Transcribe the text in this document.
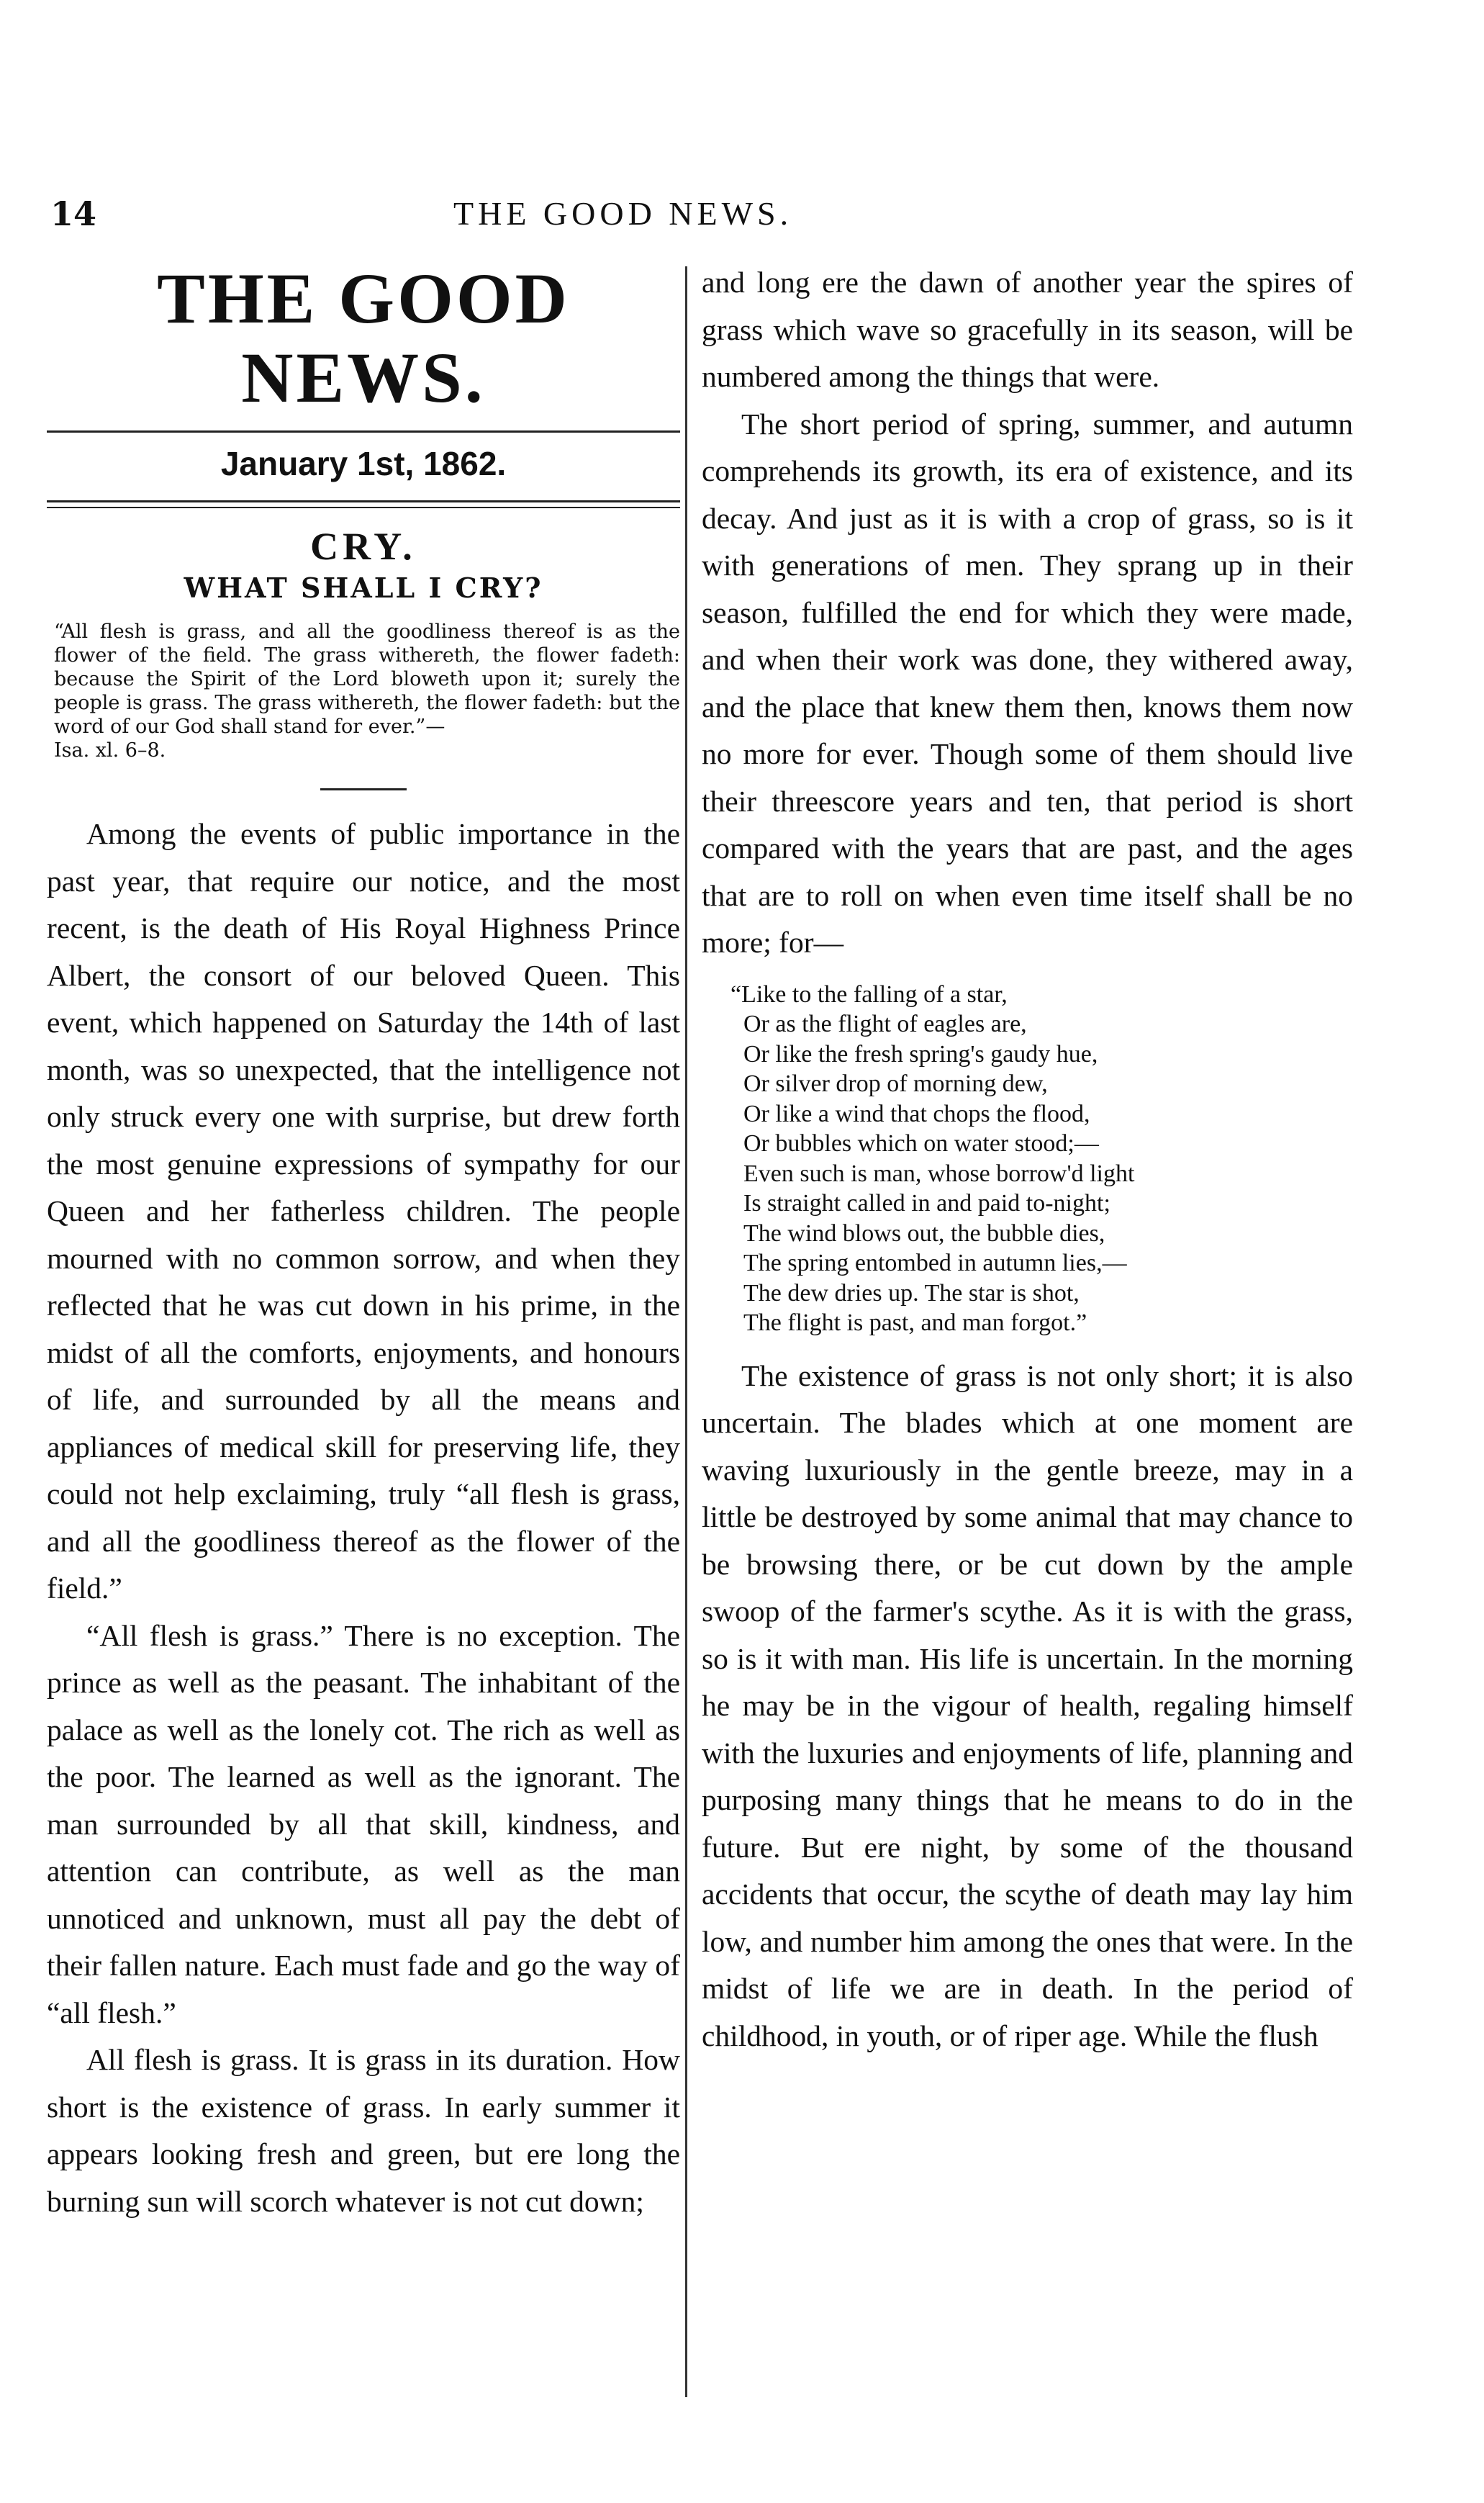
14	THE GOOD NEWS.
THE GOOD NEWS.
January 1st, 1862.
CRY.
WHAT SHALL I CRY?
“All flesh is grass, and all the goodliness thereof is as the flower of the field. The grass withereth, the flower fadeth: because the Spirit of the Lord bloweth upon it; surely the people is grass. The grass withereth, the flower fadeth: but the word of our God shall stand for ever.”—
Isa. xl. 6–8.

Among the events of public importance in the past year, that require our notice, and the most recent, is the death of His Royal Highness Prince Albert, the consort of our beloved Queen. This event, which happened on Saturday the 14th of last month, was so unexpected, that the intelligence not only struck every one with surprise, but drew forth the most genuine expressions of sympathy for our Queen and her fatherless children. The people mourned with no common sorrow, and when they reflected that he was cut down in his prime, in the midst of all the comforts, enjoyments, and honours of life, and surrounded by all the means and appliances of medical skill for preserving life, they could not help exclaiming, truly “all flesh is grass, and all the goodliness thereof as the flower of the field.”

“All flesh is grass.” There is no exception. The prince as well as the peasant. The inhabitant of the palace as well as the lonely cot. The rich as well as the poor. The learned as well as the ignorant. The man surrounded by all that skill, kindness, and attention can contribute, as well as the man unnoticed and unknown, must all pay the debt of their fallen nature. Each must fade and go the way of “all flesh.”

All flesh is grass. It is grass in its duration. How short is the existence of grass. In early summer it appears looking fresh and green, but ere long the burning sun will scorch whatever is not cut down;

and long ere the dawn of another year the spires of grass which wave so gracefully in its season, will be numbered among the things that were.

The short period of spring, summer, and autumn comprehends its growth, its era of existence, and its decay. And just as it is with a crop of grass, so is it with generations of men. They sprang up in their season, fulfilled the end for which they were made, and when their work was done, they withered away, and the place that knew them then, knows them now no more for ever. Though some of them should live their threescore years and ten, that period is short compared with the years that are past, and the ages that are to roll on when even time itself shall be no more; for—

“Like to the falling of a star,
Or as the flight of eagles are,
Or like the fresh spring's gaudy hue,
Or silver drop of morning dew,
Or like a wind that chops the flood,
Or bubbles which on water stood;—
Even such is man, whose borrow'd light
Is straight called in and paid to-night;
The wind blows out, the bubble dies,
The spring entombed in autumn lies,—
The dew dries up. The star is shot,
The flight is past, and man forgot.”

The existence of grass is not only short; it is also uncertain. The blades which at one moment are waving luxuriously in the gentle breeze, may in a little be destroyed by some animal that may chance to be browsing there, or be cut down by the ample swoop of the farmer's scythe. As it is with the grass, so is it with man. His life is uncertain. In the morning he may be in the vigour of health, regaling himself with the luxuries and enjoyments of life, planning and purposing many things that he means to do in the future. But ere night, by some of the thousand accidents that occur, the scythe of death may lay him low, and number him among the ones that were. In the midst of life we are in death. In the period of childhood, in youth, or of riper age. While the flush
